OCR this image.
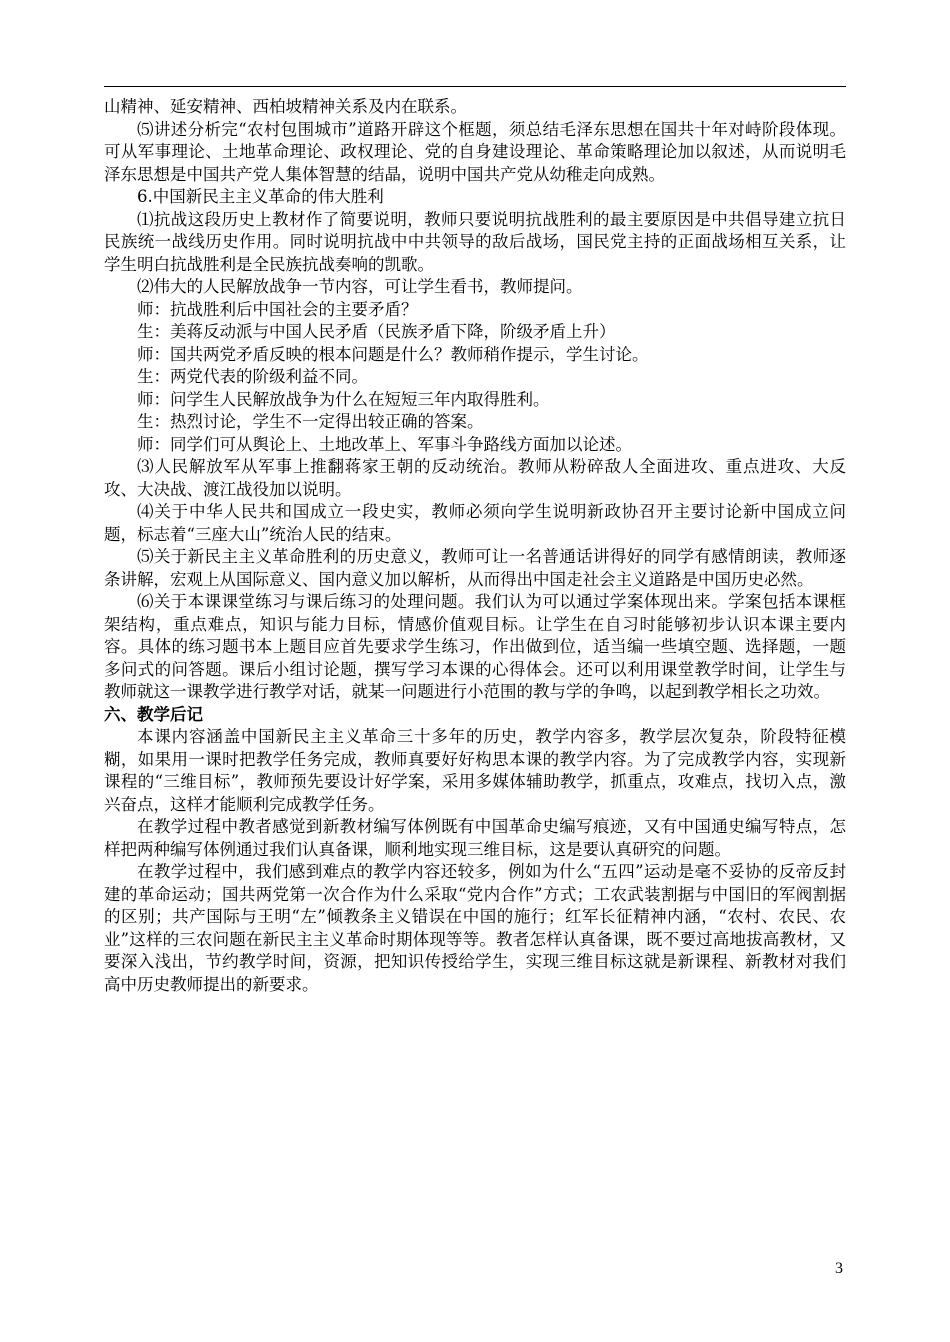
山精神、延安精神、西柏坡精神关系及内在联系。

⑸讲述分析完“农村包围城市”道路开辟这个框题，须总结毛泽东思想在国共十年对峙阶段体现。可从军事理论、土地革命理论、政权理论、党的自身建设理论、革命策略理论加以叙述，从而说明毛泽东思想是中国共产党人集体智慧的结晶，说明中国共产党从幼稚走向成熟。

6.中国新民主主义革命的伟大胜利

⑴抗战这段历史上教材作了简要说明，教师只要说明抗战胜利的最主要原因是中共倡导建立抗日民族统一战线历史作用。同时说明抗战中中共领导的敌后战场，国民党主持的正面战场相互关系，让学生明白抗战胜利是全民族抗战奏响的凯歌。

⑵伟大的人民解放战争一节内容，可让学生看书，教师提问。

师：抗战胜利后中国社会的主要矛盾？

生：美蒋反动派与中国人民矛盾（民族矛盾下降，阶级矛盾上升）

师：国共两党矛盾反映的根本问题是什么？教师稍作提示，学生讨论。

生：两党代表的阶级利益不同。

师：问学生人民解放战争为什么在短短三年内取得胜利。

生：热烈讨论，学生不一定得出较正确的答案。

师：同学们可从舆论上、土地改革上、军事斗争路线方面加以论述。

⑶人民解放军从军事上推翻蒋家王朝的反动统治。教师从粉碎敌人全面进攻、重点进攻、大反攻、大决战、渡江战役加以说明。

⑷关于中华人民共和国成立一段史实，教师必须向学生说明新政协召开主要讨论新中国成立问题，标志着“三座大山”统治人民的结束。

⑸关于新民主主义革命胜利的历史意义，教师可让一名普通话讲得好的同学有感情朗读，教师逐条讲解，宏观上从国际意义、国内意义加以解析，从而得出中国走社会主义道路是中国历史必然。

⑹关于本课课堂练习与课后练习的处理问题。我们认为可以通过学案体现出来。学案包括本课框架结构，重点难点，知识与能力目标，情感价值观目标。让学生在自习时能够初步认识本课主要内容。具体的练习题书本上题目应首先要求学生练习，作出做到位，适当编一些填空题、选择题，一题多问式的问答题。课后小组讨论题，撰写学习本课的心得体会。还可以利用课堂教学时间，让学生与教师就这一课教学进行教学对话，就某一问题进行小范围的教与学的争鸣，以起到教学相长之功效。

六、教学后记

本课内容涵盖中国新民主主义革命三十多年的历史，教学内容多，教学层次复杂，阶段特征模糊，如果用一课时把教学任务完成，教师真要好好构思本课的教学内容。为了完成教学内容，实现新课程的“三维目标”，教师预先要设计好学案，采用多媒体辅助教学，抓重点，攻难点，找切入点，激兴奋点，这样才能顺利完成教学任务。

在教学过程中教者感觉到新教材编写体例既有中国革命史编写痕迹，又有中国通史编写特点，怎样把两种编写体例通过我们认真备课，顺利地实现三维目标，这是要认真研究的问题。

在教学过程中，我们感到难点的教学内容还较多，例如为什么“五四”运动是毫不妥协的反帝反封建的革命运动；国共两党第一次合作为什么采取“党内合作”方式；工农武装割据与中国旧的军阀割据的区别；共产国际与王明“左”倾教条主义错误在中国的施行；红军长征精神内涵，“农村、农民、农业”这样的三农问题在新民主主义革命时期体现等等。教者怎样认真备课，既不要过高地拔高教材，又要深入浅出，节约教学时间，资源，把知识传授给学生，实现三维目标这就是新课程、新教材对我们高中历史教师提出的新要求。

3
